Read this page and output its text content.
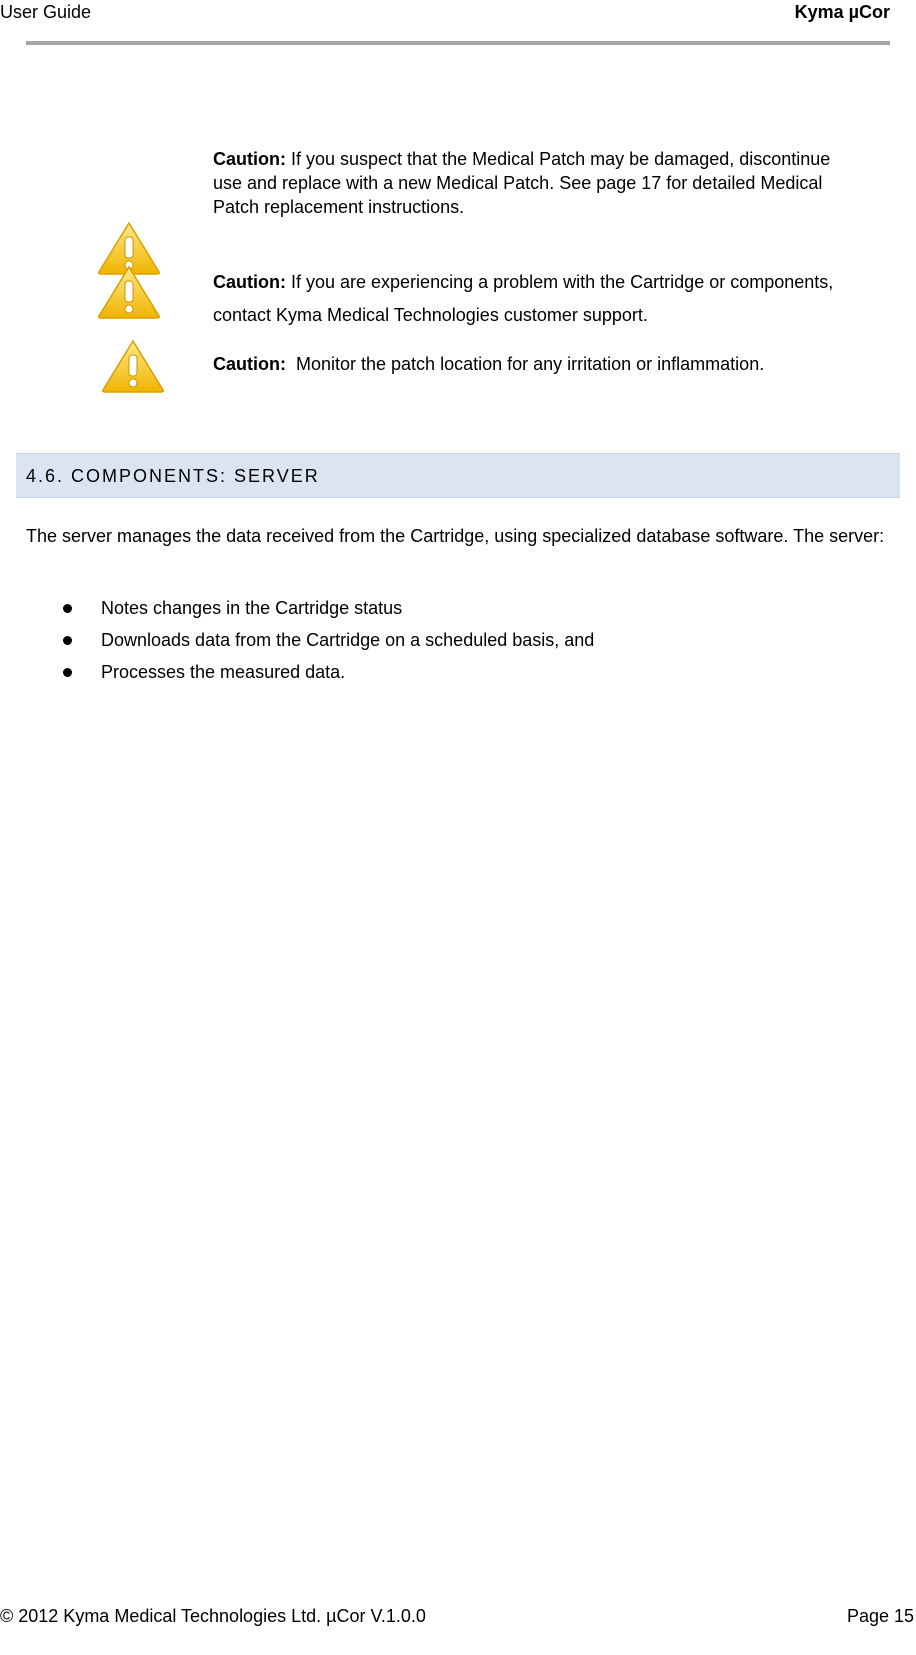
User Guide	Kyma µCor
Caution: If you suspect that the Medical Patch may be damaged, discontinue use and replace with a new Medical Patch. See page 17 for detailed Medical Patch replacement instructions.
Caution: If you are experiencing a problem with the Cartridge or components, contact Kyma Medical Technologies customer support.
Caution:  Monitor the patch location for any irritation or inflammation.
4.6. COMPONENTS: SERVER
The server manages the data received from the Cartridge, using specialized database software. The server:
Notes changes in the Cartridge status
Downloads data from the Cartridge on a scheduled basis, and
Processes the measured data.
© 2012 Kyma Medical Technologies Ltd. µCor V.1.0.0	Page 15
